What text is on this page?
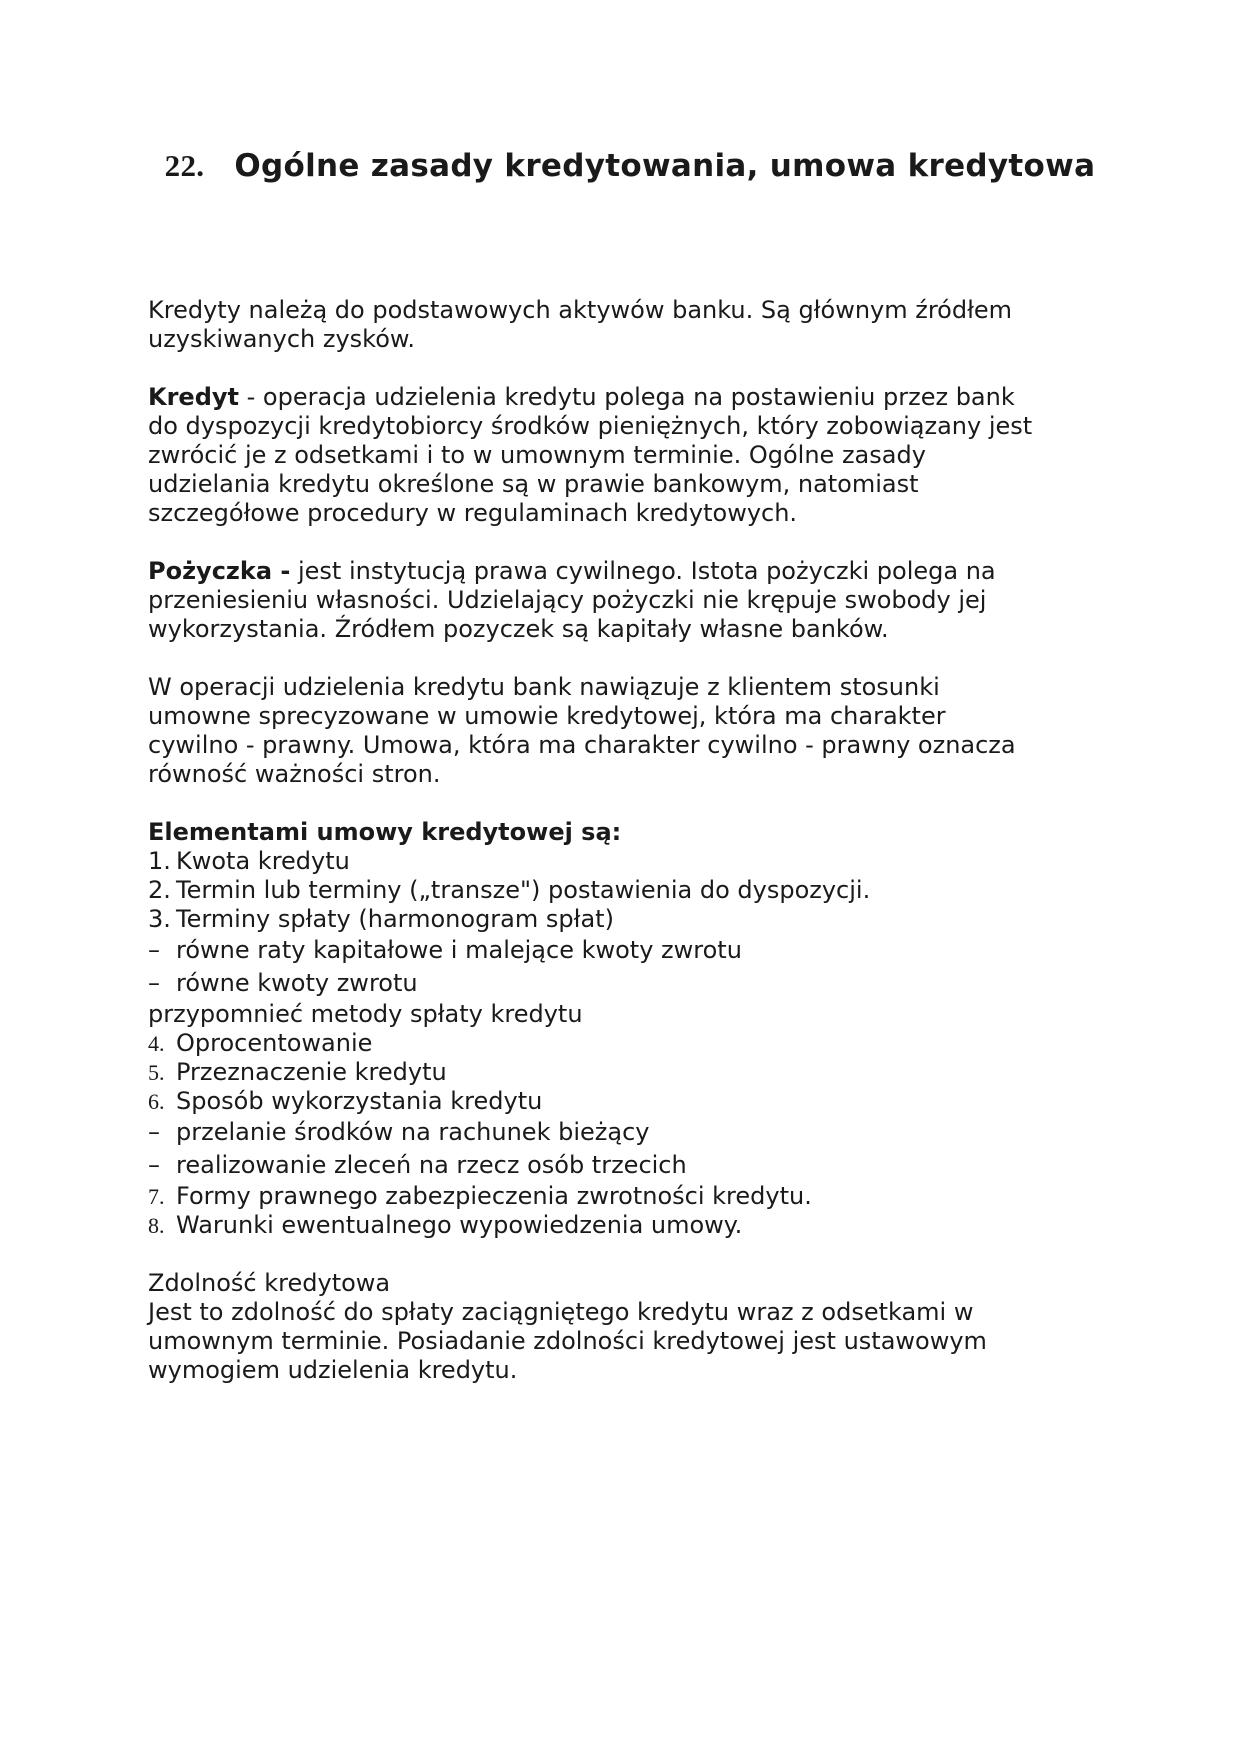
22. Ogólne zasady kredytowania, umowa kredytowa
Kredyty należą do podstawowych aktywów banku. Są głównym źródłem
uzyskiwanych zysków.
Kredyt - operacja udzielenia kredytu polega na postawieniu przez bank
do dyspozycji kredytobiorcy środków pieniężnych, który zobowiązany jest
zwrócić je z odsetkami i to w umownym terminie. Ogólne zasady
udzielania kredytu określone są w prawie bankowym, natomiast
szczegółowe procedury w regulaminach kredytowych.
Pożyczka - jest instytucją prawa cywilnego. Istota pożyczki polega na
przeniesieniu własności. Udzielający pożyczki nie krępuje swobody jej
wykorzystania. Źródłem pozyczek są kapitały własne banków.
W operacji udzielenia kredytu bank nawiązuje z klientem stosunki
umowne sprecyzowane w umowie kredytowej, która ma charakter
cywilno - prawny. Umowa, która ma charakter cywilno - prawny oznacza
równość ważności stron.
Elementami umowy kredytowej są:
1. Kwota kredytu
2. Termin lub terminy („transze") postawienia do dyspozycji.
3. Terminy spłaty (harmonogram spłat)
– równe raty kapitałowe i malejące kwoty zwrotu
– równe kwoty zwrotu
przypomnieć metody spłaty kredytu
4. Oprocentowanie
5. Przeznaczenie kredytu
6. Sposób wykorzystania kredytu
– przelanie środków na rachunek bieżący
– realizowanie zleceń na rzecz osób trzecich
7. Formy prawnego zabezpieczenia zwrotności kredytu.
8. Warunki ewentualnego wypowiedzenia umowy.
Zdolność kredytowa
Jest to zdolność do spłaty zaciągniętego kredytu wraz z odsetkami w
umownym terminie. Posiadanie zdolności kredytowej jest ustawowym
wymogiem udzielenia kredytu.
